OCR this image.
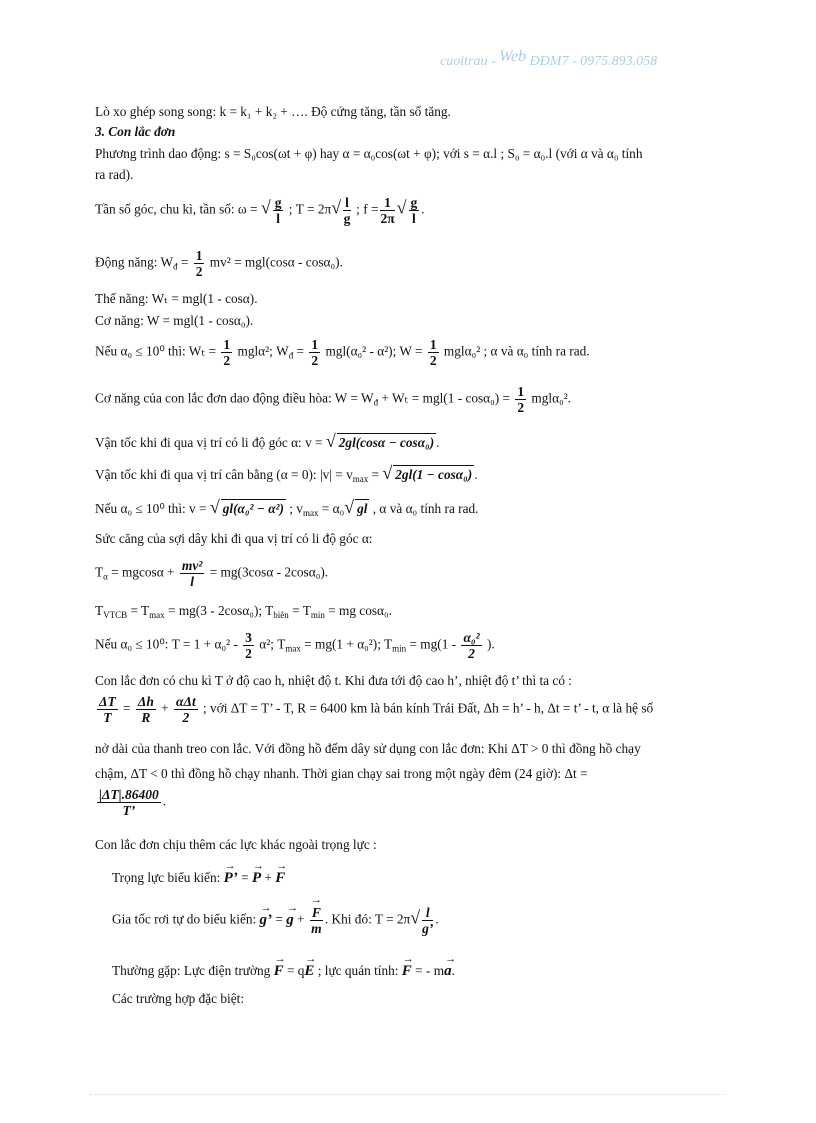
cuoitrau - Web ĐĐM7 - 0975.893.058
Lò xo ghép song song: k = k₁ + k₂ + …. Độ cứng tăng, tần số tăng.
3. Con lắc đơn
Phương trình dao động: s = S₀cos(ωt + φ) hay α = α₀cos(ωt + φ); với s = α.l ; S₀ = α₀.l (với α và α₀ tính
ra rad).
Tần số góc, chu kì, tần số: ω = √ $\frac{g}{l}$ ; $T = 2\pi√ \frac{l}{g}$ ; $f = \frac{1}{2\pi}$ √ $\frac{g}{l}$ .
Động năng: $W_đ = \frac{1}{2} mv^2 = mgl(\cos\alpha - \cos\alpha_0)$.
Thế năng: Wₜ = mgl(1 - cosα).
Cơ năng: W = mgl(1 - cosα₀).
Nếu α₀ ≤ 10⁰ thì: $W_t = \frac{1}{2} mgl\alpha^2$; $W_đ = \frac{1}{2} mgl(\alpha_0^2 - \alpha^2)$; $W = \frac{1}{2} mgl\alpha_0^2$ ; α và α₀ tính ra rad.
Cơ năng của con lắc đơn dao động điều hòa: $W = W_đ + W_t = mgl(1 - \cos\alpha_0) = \frac{1}{2} mgl\alpha_0^2$.
Vận tốc khi đi qua vị trí có li độ góc α: v = √ 2gl(cosα − cosα₀) .
Vận tốc khi đi qua vị trí cân bằng (α = 0): $|v| = v_{max}$ = √ 2gl(1 − cosα₀) .
Nếu α₀ ≤ 10⁰ thì: v = √ gl(α₀² − α²) ; $v_{max} = \alpha_0√$ gl , α và α₀ tính ra rad.
Sức căng của sợi dây khi đi qua vị trí có li độ góc α:
$T_\alpha = mgcos\alpha + \frac{\text{mv²}}{l} = mg(3\cos\alpha - 2\cos\alpha_0)$.
$T_{VTCB} = T_{max} = mg(3 - 2\cos\alpha_0)$; $T_{biên} = T_{min}$ = mg cosα₀.
Nếu α₀ ≤ 10⁰: $T = 1 + \alpha_0^2 - \frac{3}{2} \alpha^2$; $T_{max} = mg(1 + \alpha_0^2)$; $T_{min} = mg(1 - \frac{\text{α₀²}}{2}$ ).
Con lắc đơn có chu kì T ở độ cao h, nhiệt độ t. Khi đưa tới độ cao h’, nhiệt độ t’ thì ta có :
$\frac{\Delta T}{T} = \frac{\Delta h}{R} + \frac{\text{αΔt}}{2}$ ; với ΔT = T’ - T, R = 6400 km là bán kính Trái Đất, Δh = h’ - h, Δt = t’ - t, α là hệ số
nở dài của thanh treo con lắc. Với đồng hồ đếm dây sử dụng con lắc đơn: Khi ΔT > 0 thì đồng hồ chạy
chậm, ΔT < 0 thì đồng hồ chạy nhanh. Thời gian chạy sai trong một ngày đêm (24 giờ): Δt =
$\frac{|\Delta T|.86400}{T’}$ .
Con lắc đơn chịu thêm các lực khác ngoài trọng lực :
Trọng lực biểu kiến: → P’ = → P + → F
Gia tốc rơi tự do biểu kiến: → g’ = → g +
→ $\frac{F}{m}$ . Khi đó: $T = 2\pi√ \frac{l}{g’}$ .
Thường gặp: Lực điện trường → F = q→ E ; lực quán tính: → F = - m→ a.
Các trường hợp đặc biệt:
